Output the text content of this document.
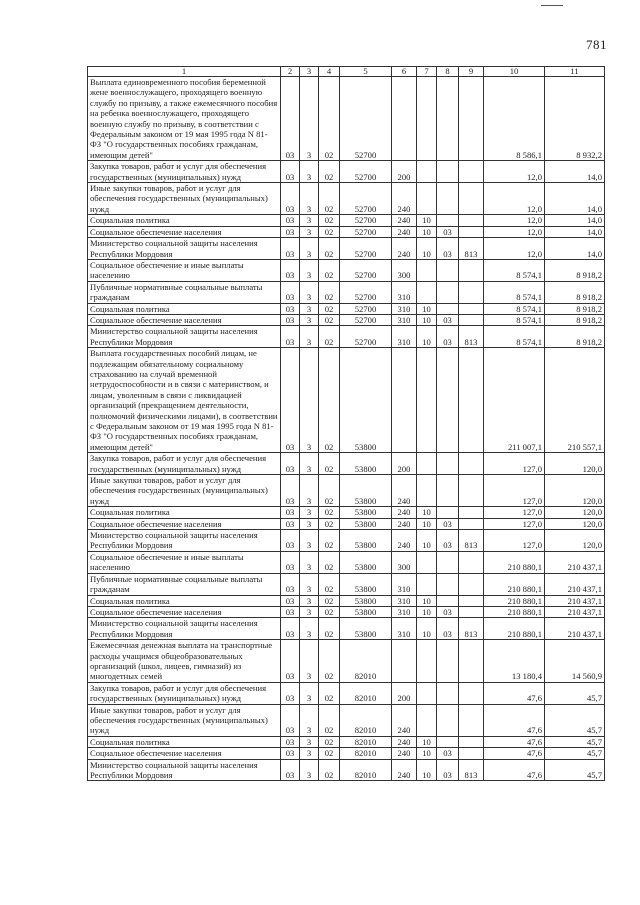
781
1	2	3	4	5	6	7	8	9	10	11
Выплата единовременного пособия беременной жене военнослужащего, проходящего военную службу по призыву, а также ежемесячного пособия на ребенка военнослужащего, проходящего военную службу по призыву, в соответствии с Федеральным законом от 19 мая 1995 года N 81-ФЗ "О государственных пособиях гражданам, имеющим детей"	03	3	02	52700					8 586,1	8 932,2
Закупка товаров, работ и услуг для обеспечения государственных (муниципальных) нужд	03	3	02	52700	200				12,0	14,0
Иные закупки товаров, работ и услуг для обеспечения государственных (муниципальных) нужд	03	3	02	52700	240				12,0	14,0
Социальная политика	03	3	02	52700	240	10			12,0	14,0
Социальное обеспечение населения	03	3	02	52700	240	10	03		12,0	14,0
Министерство социальной защиты населения Республики Мордовия	03	3	02	52700	240	10	03	813	12,0	14,0
Социальное обеспечение и иные выплаты населению	03	3	02	52700	300				8 574,1	8 918,2
Публичные нормативные социальные выплаты гражданам	03	3	02	52700	310				8 574,1	8 918,2
Социальная политика	03	3	02	52700	310	10			8 574,1	8 918,2
Социальное обеспечение населения	03	3	02	52700	310	10	03		8 574,1	8 918,2
Министерство социальной защиты населения Республики Мордовия	03	3	02	52700	310	10	03	813	8 574,1	8 918,2
Выплата государственных пособий лицам, не подлежащим обязательному социальному страхованию на случай временной нетрудоспособности и в связи с материнством, и лицам, уволенным в связи с ликвидацией организаций (прекращением деятельности, полномочий физическими лицами), в соответствии с Федеральным законом от 19 мая 1995 года N 81-ФЗ "О государственных пособиях гражданам, имеющим детей"	03	3	02	53800					211 007,1	210 557,1
Закупка товаров, работ и услуг для обеспечения государственных (муниципальных) нужд	03	3	02	53800	200				127,0	120,0
Иные закупки товаров, работ и услуг для обеспечения государственных (муниципальных) нужд	03	3	02	53800	240				127,0	120,0
Социальная политика	03	3	02	53800	240	10			127,0	120,0
Социальное обеспечение населения	03	3	02	53800	240	10	03		127,0	120,0
Министерство социальной защиты населения Республики Мордовия	03	3	02	53800	240	10	03	813	127,0	120,0
Социальное обеспечение и иные выплаты населению	03	3	02	53800	300				210 880,1	210 437,1
Публичные нормативные социальные выплаты гражданам	03	3	02	53800	310				210 880,1	210 437,1
Социальная политика	03	3	02	53800	310	10			210 880,1	210 437,1
Социальное обеспечение населения	03	3	02	53800	310	10	03		210 880,1	210 437,1
Министерство социальной защиты населения Республики Мордовия	03	3	02	53800	310	10	03	813	210 880,1	210 437,1
Ежемесячная денежная выплата на транспортные расходы учащимся общеобразовательных организаций (школ, лицеев, гимназий) из многодетных семей	03	3	02	82010					13 180,4	14 560,9
Закупка товаров, работ и услуг для обеспечения государственных (муниципальных) нужд	03	3	02	82010	200				47,6	45,7
Иные закупки товаров, работ и услуг для обеспечения государственных (муниципальных) нужд	03	3	02	82010	240				47,6	45,7
Социальная политика	03	3	02	82010	240	10			47,6	45,7
Социальное обеспечение населения	03	3	02	82010	240	10	03		47,6	45,7
Министерство социальной защиты населения Республики Мордовия	03	3	02	82010	240	10	03	813	47,6	45,7
